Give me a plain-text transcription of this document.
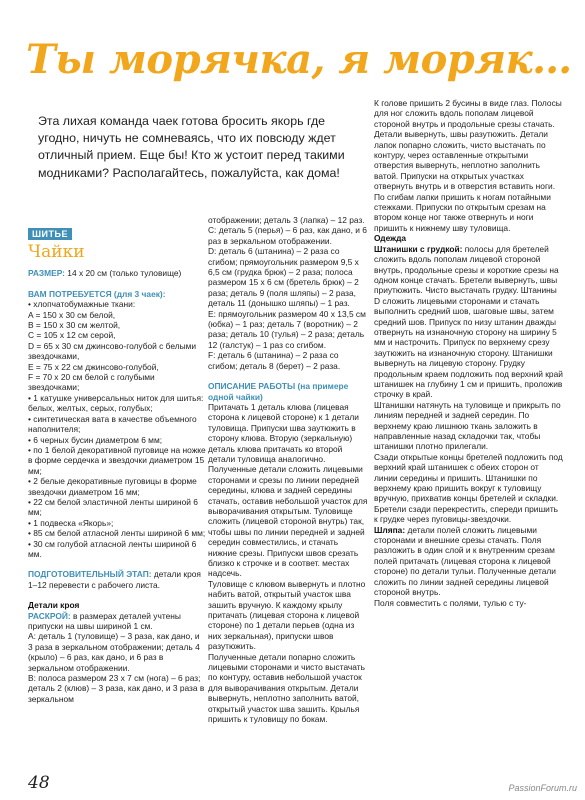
Ты морячка, я моряк…

Эта лихая команда чаек готова бросить якорь где угодно, ничуть не сомневаясь, что их повсюду ждет отличный прием. Еще бы! Кто ж устоит перед такими модниками? Располагайтесь, пожалуйста, как дома!

ШИТЬЕ
Чайки

РАЗМЕР: 14 х 20 см (только туловище)

ВАМ ПОТРЕБУЕТСЯ (для 3 чаек):

• хлопчатобумажные ткани:

A = 150 х 30 см белой,

B = 150 х 30 см желтой,

C = 105 х 12 см серой,

D = 65 х 30 см джинсово-голубой с белыми звездочками,

E = 75 х 22 см джинсово-голубой,

F = 70 х 20 см белой с голубыми звездочками;

• 1 катушке универсальных ниток для шитья: белых, желтых, серых, голубых;

• синтетическая вата в качестве объемного наполнителя;

• 6 черных бусин диаметром 6 мм;

• по 1 белой декоративной пуговице на ножке в форме сердечка и звездочки диаметром 15 мм;

• 2 белые декоративные пуговицы в форме звездочки диаметром 16 мм;

• 22 см белой эластичной ленты шириной 6 мм;

• 1 подвеска «Якорь»;

• 85 см белой атласной ленты шириной 6 мм;

• 30 см голубой атласной ленты шириной 6 мм.

ПОДГОТОВИТЕЛЬНЫЙ ЭТАП: детали кроя 1–12 перевести с рабочего листа.

Детали кроя

РАСКРОЙ: в размерах деталей учтены припуски на швы шириной 1 см.

A: деталь 1 (туловище) – 3 раза, как дано, и 3 раза в зеркальном отображении; деталь 4 (крыло) – 6 раз, как дано, и 6 раз в зеркальном отображении.

B: полоса размером 23 х 7 см (нога) – 6 раз; деталь 2 (клюв) – 3 раза, как дано, и 3 раза в зеркальном

отображении; деталь 3 (лапка) – 12 раз.

C: деталь 5 (перья) – 6 раз, как дано, и 6 раз в зеркальном отображении.

D: деталь 6 (штанина) – 2 раза со сгибом; прямоугольник размером 9,5 х 6,5 см (грудка брюк) – 2 раза; полоса размером 15 х 6 см (бретель брюк) – 2 раза; деталь 9 (поля шляпы) – 2 раза, деталь 11 (донышко шляпы) – 1 раз.

E: прямоугольник размером 40 х 13,5 см (юбка) – 1 раз; деталь 7 (воротник) – 2 раза; деталь 10 (тулья) – 2 раза; деталь 12 (галстук) – 1 раз со сгибом.

F: деталь 6 (штанина) – 2 раза со сгибом; деталь 8 (берет) – 2 раза.

ОПИСАНИЕ РАБОТЫ (на примере одной чайки)

Притачать 1 деталь клюва (лицевая сторона к лицевой стороне) к 1 детали туловища. Припуски шва заутюжить в сторону клюва. Вторую (зеркальную) деталь клюва притачать ко второй детали туловища аналогично. Полученные детали сложить лицевыми сторонами и срезы по линии передней середины, клюва и задней середины стачать, оставив небольшой участок для выворачивания открытым. Туловище сложить (лицевой стороной внутрь) так, чтобы швы по линии передней и задней середин совместились, и стачать нижние срезы. Припуски швов срезать близко к строчке и в соответ. местах надсечь.

Туловище с клювом вывернуть и плотно набить ватой, открытый участок шва зашить вручную. К каждому крылу притачать (лицевая сторона к лицевой стороне) по 1 детали перьев (одна из них зеркальная), припуски швов разутюжить.

Полученные детали попарно сложить лицевыми сторонами и чисто выстачать по контуру, оставив небольшой участок для выворачивания открытым. Детали вывернуть, неплотно заполнить ватой, открытый участок шва зашить. Крылья пришить к туловищу по бокам.

К голове пришить 2 бусины в виде глаз. Полосы для ног сложить вдоль пополам лицевой стороной внутрь и продольные срезы стачать. Детали вывернуть, швы разутюжить. Детали лапок попарно сложить, чисто выстачать по контуру, через оставленные открытыми отверстия вывернуть, неплотно заполнить ватой. Припуски на открытых участках отвернуть внутрь и в отверстия вставить ноги. По сгибам лапки пришить к ногам потайными стежками. Припуски по открытым срезам на втором конце ног также отвернуть и ноги пришить к нижнему шву туловища.

Одежда

Штанишки с грудкой: полосы для бретелей сложить вдоль пополам лицевой стороной внутрь, продольные срезы и короткие срезы на одном конце стачать. Бретели вывернуть, швы приутюжить. Чисто выстачать грудку. Штанины D сложить лицевыми сторонами и стачать выполнить средний шов, шаговые швы, затем средний шов. Припуск по низу штанин дважды отвернуть на изнаночную сторону на ширину 5 мм и настрочить. Припуск по верхнему срезу заутюжить на изнаночную сторону. Штанишки вывернуть на лицевую сторону. Грудку продольным краем подложить под верхний край штанишек на глубину 1 см и пришить, проложив строчку в край.

Штанишки натянуть на туловище и прикрыть по линиям передней и задней середин. По верхнему краю лишнюю ткань заложить в направленные назад складочки так, чтобы штанишки плотно прилегали.

Сзади открытые концы бретелей подложить под верхний край штанишек с обеих сторон от линии середины и пришить. Штанишки по верхнему краю пришить вокруг к туловищу вручную, прихватив концы бретелей и складки.

Бретели сзади перекрестить, спереди пришить к грудке через пуговицы-звездочки.

Шляпа: детали полей сложить лицевыми сторонами и внешние срезы стачать. Поля разложить в один слой и к внутренним срезам полей притачать (лицевая сторона к лицевой стороне) по детали тульи. Полученные детали сложить по линии задней середины лицевой стороной внутрь.

Поля совместить с полями, тулью с ту-

48	PassionForum.ru
